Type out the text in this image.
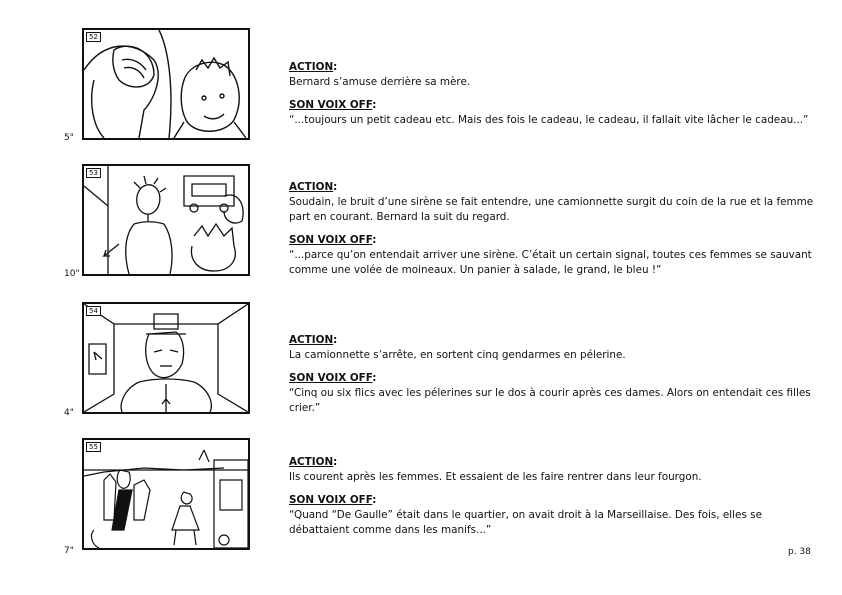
52
5"
53
10"
54
4"
55
7"
ACTION:

Bernard s’amuse derrière sa mère.

SON VOIX OFF:

“...toujours un petit cadeau etc. Mais des fois le cadeau, le cadeau, il fallait vite lâcher le cadeau...”

ACTION:

Soudain, le bruit d’une sirène se fait entendre, une camionnette surgit du coin de la rue et la femme part en courant. Bernard la suit du regard.

SON VOIX OFF:

“...parce qu’on entendait arriver une sirène. C’était un certain signal, toutes ces femmes se sauvant comme une volée de moineaux. Un panier à salade, le grand, le bleu !”

ACTION:

La camionnette s’arrête, en sortent cinq gendarmes en pélerine.

SON VOIX OFF:

“Cinq ou six flics avec les pélerines sur le dos à courir après ces dames. Alors on entendait ces filles crier.”

ACTION:

Ils courent après les femmes. Et essaient de les faire rentrer dans leur fourgon.

SON VOIX OFF:

“Quand “De Gaulle” était dans le quartier, on avait droit à la Marseillaise. Des fois, elles se débattaient comme dans les manifs...”

p. 38
